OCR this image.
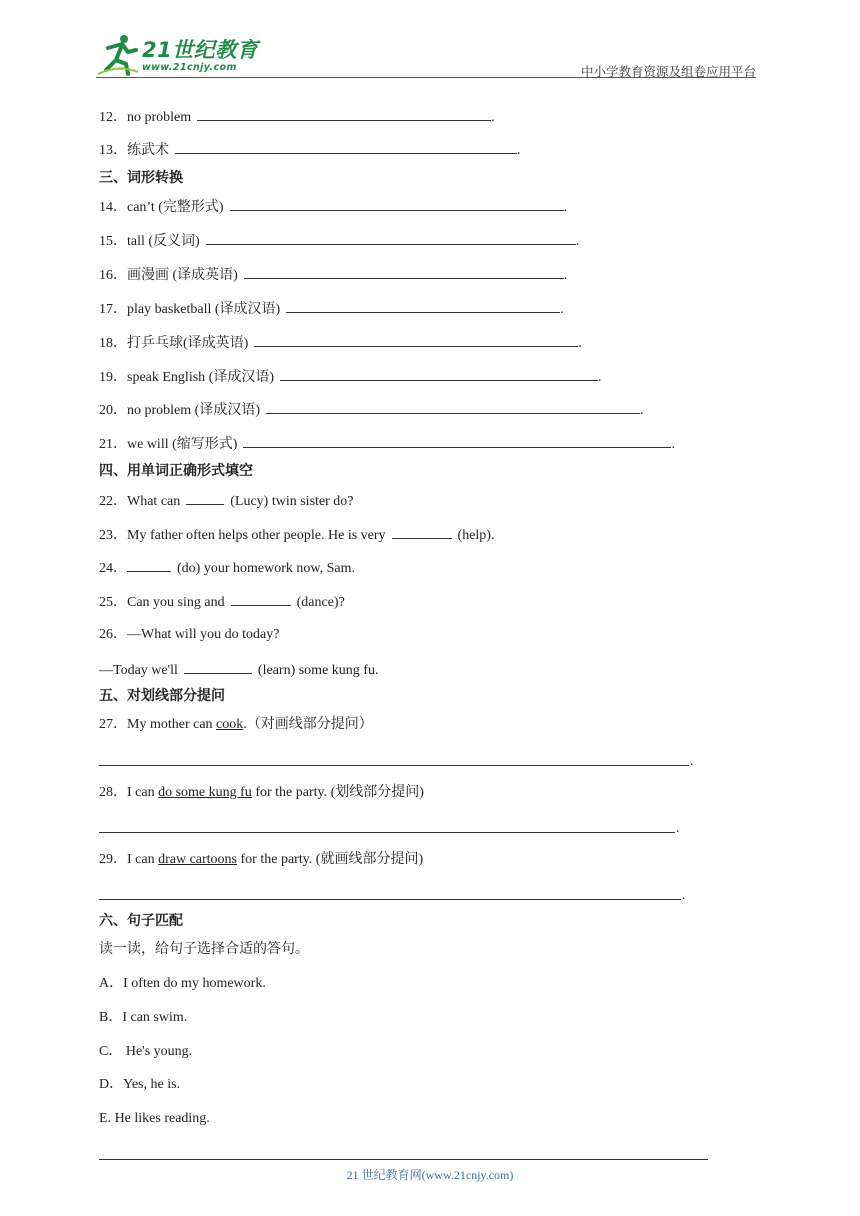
21世纪教育
www.21cnjy.com	中小学教育资源及组卷应用平台
12．no problem	.
13．练武术	.
三、词形转换
14．can’t (完整形式)	.
15．tall (反义词)	.
16．画漫画 (译成英语)	.
17．play basketball (译成汉语)	.
18．打乒乓球(译成英语)	.
19．speak English (译成汉语)	.
20．no problem (译成汉语)	.
21．we will (缩写形式)	.
四、用单词正确形式填空
22．What can	(Lucy) twin sister do?
23．My father often helps other people. He is very	(help).
24．	(do) your homework now, Sam.
25．Can you sing and	(dance)?
26．—What will you do today?
—Today we'll	(learn) some kung fu.
五、对划线部分提问
27．My mother can cook.（对画线部分提问）
.
28．I can do some kung fu for the party. (划线部分提问)
.
29．I can draw cartoons for the party. (就画线部分提问)
.
六、句子匹配
读一读，给句子选择合适的答句。
A．I often do my homework.
B．I can swim.
C． He's young.
D．Yes, he is.
E. He likes reading.
21 世纪教育网(www.21cnjy.com)
